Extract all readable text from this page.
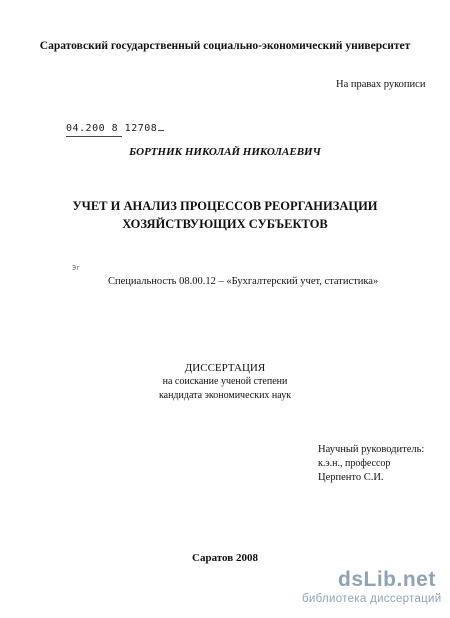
Саратовский государственный социально-экономический университет
На правах рукописи
04.200 8 12708
БОРТНИК НИКОЛАЙ НИКОЛАЕВИЧ
УЧЕТ И АНАЛИЗ ПРОЦЕССОВ РЕОРГАНИЗАЦИИ
ХОЗЯЙСТВУЮЩИХ СУБЪЕКТОВ
Эг
Специальность 08.00.12 – «Бухгалтерский учет, статистика»
ДИССЕРТАЦИЯ
на соискание ученой степени
кандидата экономических наук
Научный руководитель:
к.э.н., профессор
Церпенто С.И.
Саратов 2008
dsLib.net
библиотека диссертаций
